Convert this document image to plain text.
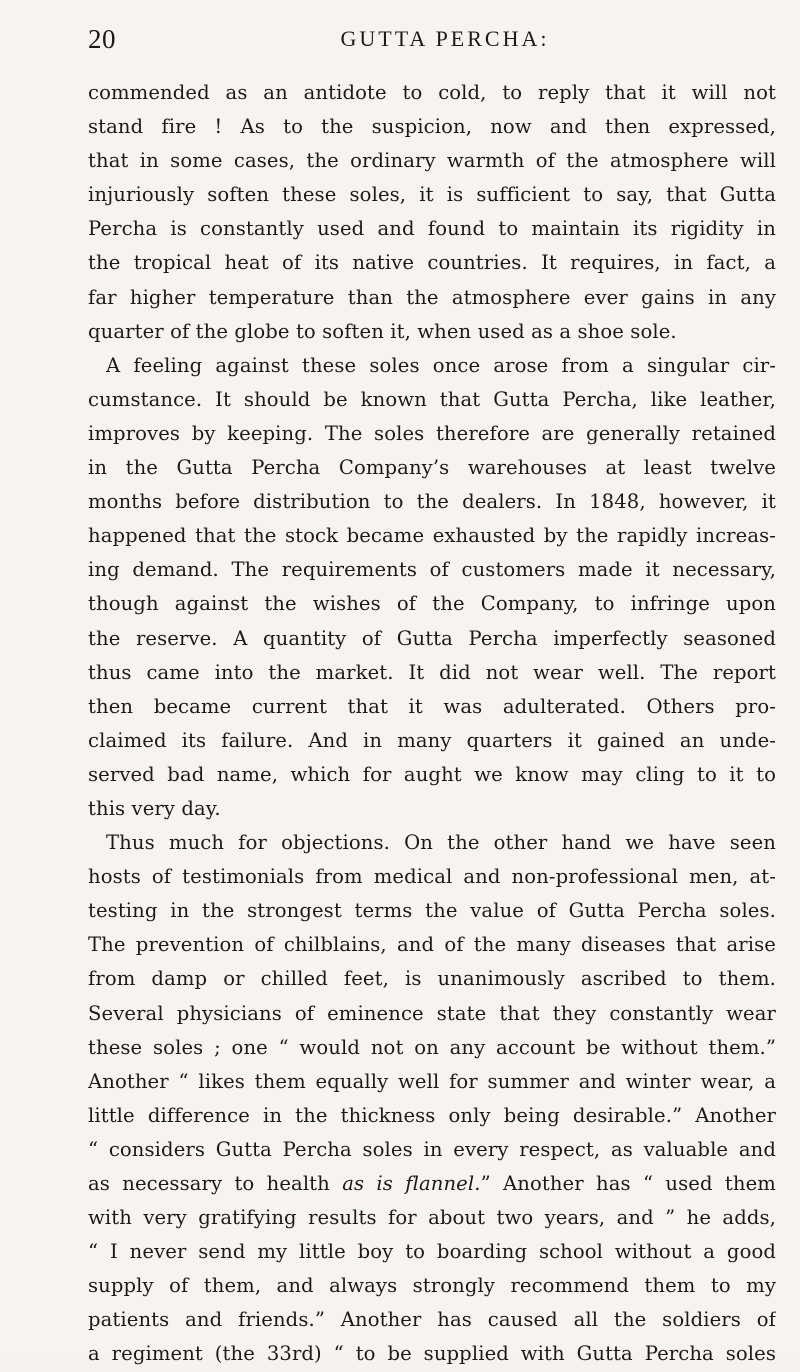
20	GUTTA PERCHA:
commended as an antidote to cold, to reply that it will not
stand fire ! As to the suspicion, now and then expressed,
that in some cases, the ordinary warmth of the atmosphere will
injuriously soften these soles, it is sufficient to say, that Gutta
Percha is constantly used and found to maintain its rigidity in
the tropical heat of its native countries. It requires, in fact, a
far higher temperature than the atmosphere ever gains in any
quarter of the globe to soften it, when used as a shoe sole.
A feeling against these soles once arose from a singular cir-
cumstance. It should be known that Gutta Percha, like leather,
improves by keeping. The soles therefore are generally retained
in the Gutta Percha Company’s warehouses at least twelve
months before distribution to the dealers. In 1848, however, it
happened that the stock became exhausted by the rapidly increas-
ing demand. The requirements of customers made it necessary,
though against the wishes of the Company, to infringe upon
the reserve. A quantity of Gutta Percha imperfectly seasoned
thus came into the market. It did not wear well. The report
then became current that it was adulterated. Others pro-
claimed its failure. And in many quarters it gained an unde-
served bad name, which for aught we know may cling to it to
this very day.
Thus much for objections. On the other hand we have seen
hosts of testimonials from medical and non-professional men, at-
testing in the strongest terms the value of Gutta Percha soles.
The prevention of chilblains, and of the many diseases that arise
from damp or chilled feet, is unanimously ascribed to them.
Several physicians of eminence state that they constantly wear
these soles ; one “ would not on any account be without them.”
Another “ likes them equally well for summer and winter wear, a
little difference in the thickness only being desirable.” Another
“ considers Gutta Percha soles in every respect, as valuable and
as necessary to health as is flannel.” Another has “ used them
with very gratifying results for about two years, and ” he adds,
“ I never send my little boy to boarding school without a good
supply of them, and always strongly recommend them to my
patients and friends.” Another has caused all the soldiers of
a regiment (the 33rd) “ to be supplied with Gutta Percha soles
